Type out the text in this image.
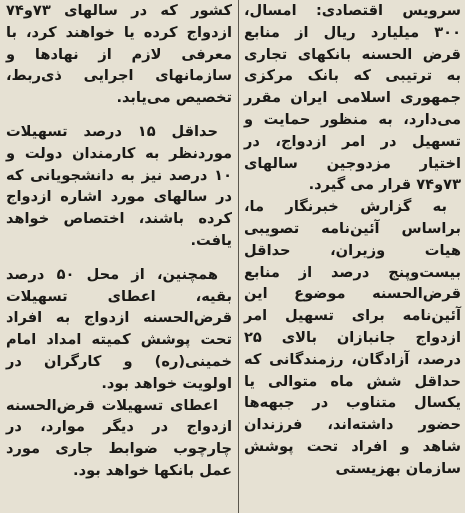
سرویس اقتصادی: امسال، ۳۰۰ میلیارد ریال از منابع قرض الحسنه بانکهای تجاری به ترتیبی که بانک مرکزی جمهوری اسلامی ایران مقرر می‌دارد، به منظور حمایت و تسهیل در امر ازدواج، در اختیار مزدوجین سالهای ۷۳و۷۴ قرار می گیرد.

به گزارش خبرنگار ما، براساس آئین‌نامه تصویبی هیات وزیران، حداقل بیست‌وپنج درصد از منابع قرض‌الحسنه موضوع این آئین‌نامه برای تسهیل امر ازدواج جانبازان بالای ۲۵ درصد، آزادگان، رزمندگانی که حداقل شش ماه متوالی یا یکسال متناوب در جبهه‌ها حضور داشته‌اند، فرزندان شاهد و افراد تحت پوشش سازمان بهزیستی

کشور که در سالهای ۷۳و۷۴ ازدواج کرده یا خواهند کرد، با معرفی لازم از نهادها و سازمانهای اجرایی ذی‌ربط، تخصیص می‌یابد.

حداقل ۱۵ درصد تسهیلات موردنظر به کارمندان دولت و ۱۰ درصد نیز به دانشجویانی که در سالهای مورد اشاره ازدواج کرده باشند، اختصاص خواهد یافت.

همچنین، از محل ۵۰ درصد بقیه، اعطای تسهیلات قرض‌الحسنه ازدواج به افراد تحت پوشش کمیته امداد امام خمینی(ره) و کارگران در اولویت خواهد بود.

اعطای تسهیلات قرض‌الحسنه ازدواج در دیگر موارد، در چارچوب ضوابط جاری مورد عمل بانکها خواهد بود.
